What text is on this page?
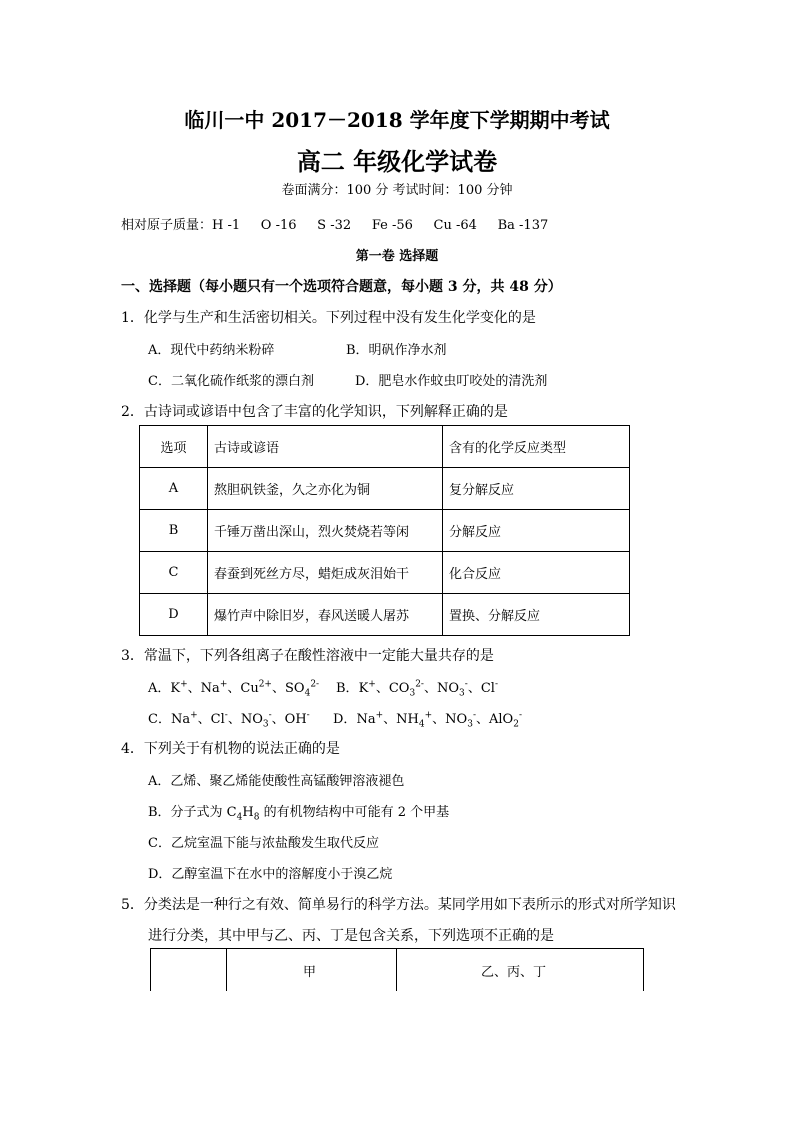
临川一中 2017－2018 学年度下学期期中考试
高二 年级化学试卷
卷面满分：100 分 考试时间：100 分钟
相对原子质量：H -1     O -16     S -32     Fe -56     Cu -64     Ba -137
第一卷 选择题
一、选择题（每小题只有一个选项符合题意，每小题 3 分，共 48 分）
1．化学与生产和生活密切相关。下列过程中没有发生化学变化的是
A．现代中药纳米粉碎	B．明矾作净水剂
C．二氧化硫作纸浆的漂白剂	D．肥皂水作蚊虫叮咬处的清洗剂
2．古诗词或谚语中包含了丰富的化学知识，下列解释正确的是
选项	古诗或谚语	含有的化学反应类型
A	熬胆矾铁釜，久之亦化为铜	复分解反应
B	千锤万凿出深山，烈火焚烧若等闲	分解反应
C	春蚕到死丝方尽，蜡炬成灰泪始干	化合反应
D	爆竹声中除旧岁，春风送暖人屠苏	置换、分解反应
3．常温下，下列各组离子在酸性溶液中一定能大量共存的是
A．K+、Na+、$Cu^{2+}$、$SO_4^{2-}$ B．K+、$CO_3^{2-}$、$NO_3^-$、Cl-
C．Na+、Cl-、$NO_3^-$、OH- D．Na+、$NH_4^+$、$NO_3^-$、AlO$_2$-
4．下列关于有机物的说法正确的是
A．乙烯、聚乙烯能使酸性高锰酸钾溶液褪色
B．分子式为 $C_4H_8$ 的有机物结构中可能有 2 个甲基
C．乙烷室温下能与浓盐酸发生取代反应
D．乙醇室温下在水中的溶解度小于溴乙烷
5．分类法是一种行之有效、简单易行的科学方法。某同学用如下表所示的形式对所学知识
进行分类，其中甲与乙、丙、丁是包含关系，下列选项不正确的是
甲	乙、丙、丁
